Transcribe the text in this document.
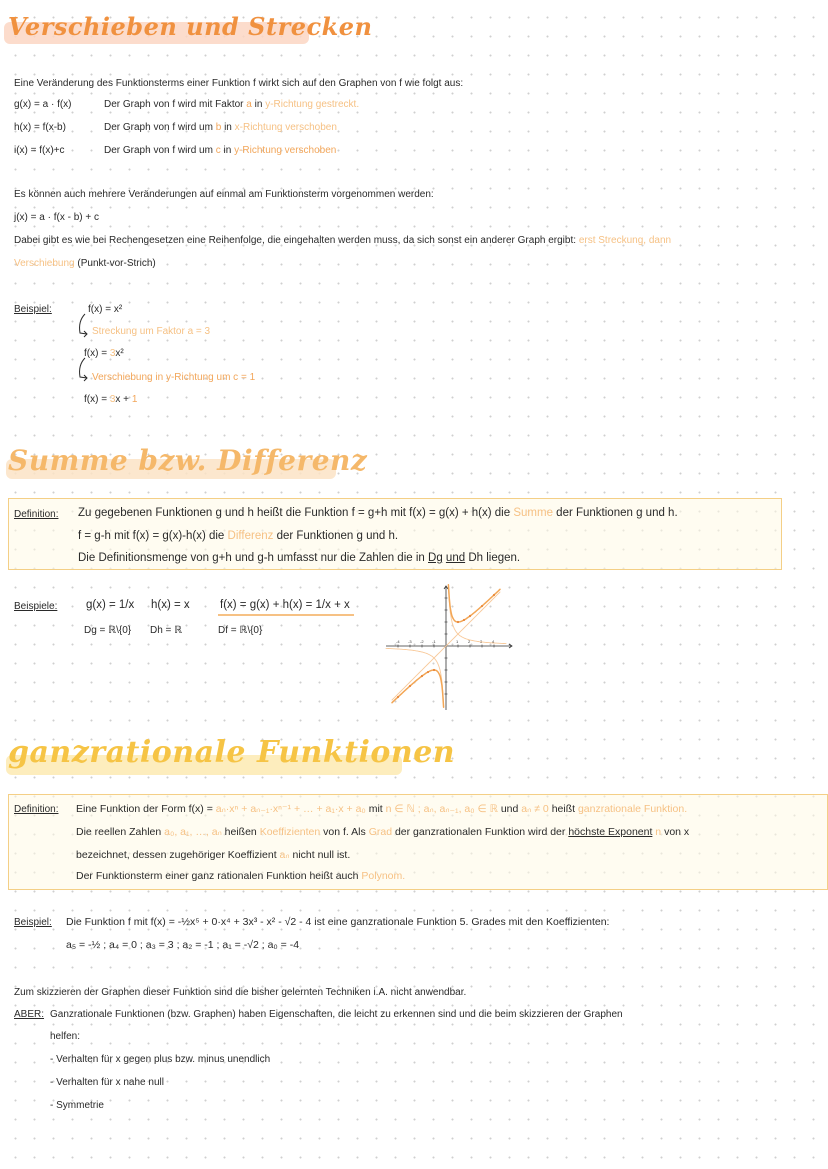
Verschieben und Strecken
Eine Veränderung des Funktionsterms einer Funktion f wirkt sich auf den Graphen von f wie folgt aus:
g(x) = a · f(x)	Der Graph von f wird mit Faktor a in y-Richtung gestreckt.
h(x) = f(x-b)	Der Graph von f wird um b in x-Richtung verschoben
i(x) = f(x)+c	Der Graph von f wird um c in y-Richtung verschoben
Es können auch mehrere Veränderungen auf einmal am Funktionsterm vorgenommen werden:
j(x) = a · f(x - b) + c
Dabei gibt es wie bei Rechengesetzen eine Reihenfolge, die eingehalten werden muss, da sich sonst ein anderer Graph ergibt: erst Streckung, dann
Verschiebung (Punkt-vor-Strich)
Beispiel:	f(x) = x²
Streckung um Faktor a = 3
f(x) = 3x²
Verschiebung in y-Richtung um c = 1
f(x) = 3x + 1
Summe bzw. Differenz
Definition: Zu gegebenen Funktionen g und h heißt die Funktion f = g+h mit f(x) = g(x) + h(x) die Summe der Funktionen g und h.
f = g-h mit f(x) = g(x)-h(x) die Differenz der Funktionen g und h.
Die Definitionsmenge von g+h und g-h umfasst nur die Zahlen die in Dg und Dh liegen.
Beispiele: g(x) = 1/x h(x) = x	f(x) = g(x) + h(x) = 1/x + x
Dg = ℝ\{0} Dh = ℝ	Df = ℝ\{0}
-4 -3 -2 -1	1 2 3 4
ganzrationale Funktionen
Definition: Eine Funktion der Form f(x) = aₙ·xⁿ + aₙ₋₁·xⁿ⁻¹ + … + a₁·x + a₀ mit n ∈ ℕ ; aₙ, aₙ₋₁, a₀ ∈ ℝ und aₙ ≠ 0 heißt ganzrationale Funktion.
Die reellen Zahlen a₀, a₁, …, aₙ heißen Koeffizienten von f. Als Grad der ganzrationalen Funktion wird der höchste Exponent n von x
bezeichnet, dessen zugehöriger Koeffizient aₙ nicht null ist.
Der Funktionsterm einer ganz rationalen Funktion heißt auch Polynom.
Beispiel: Die Funktion f mit f(x) = -½x⁵ + 0·x⁴ + 3x³ - x² - √2 - 4 ist eine ganzrationale Funktion 5. Grades mit den Koeffizienten:
a₅ = -½ ; a₄ = 0 ; a₃ = 3 ; a₂ = -1 ; a₁ = -√2 ; a₀ = -4
Zum skizzieren der Graphen dieser Funktion sind die bisher gelernten Techniken i.A. nicht anwendbar.
ABER: Ganzrationale Funktionen (bzw. Graphen) haben Eigenschaften, die leicht zu erkennen sind und die beim skizzieren der Graphen
helfen:
- Verhalten für x gegen plus bzw. minus unendlich
- Verhalten für x nahe null
- Symmetrie
